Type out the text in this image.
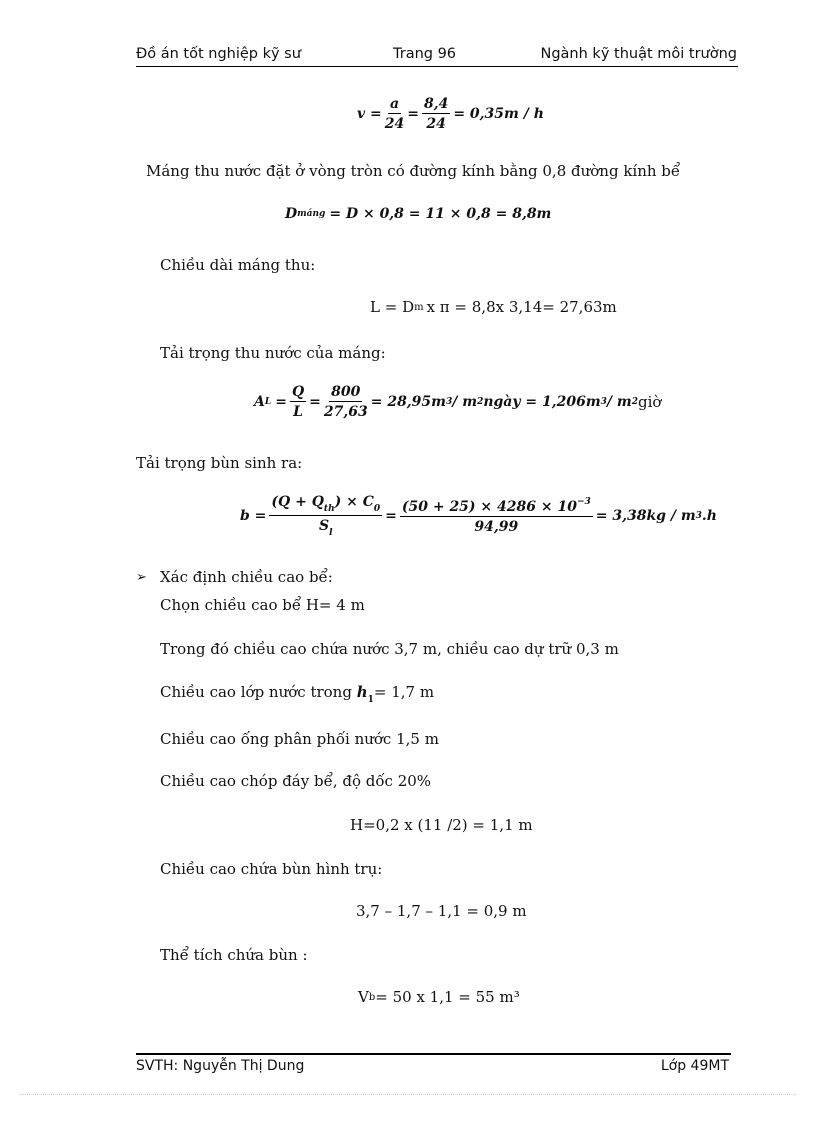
Đồ án tốt nghiệp kỹ sư	Trang 96	Ngành kỹ thuật môi trường
$v = \frac{a}{24} = \frac{8,4}{24} = 0,35m / h$
Máng thu nước đặt ở vòng tròn có đường kính bằng 0,8 đường kính bể
D máng = D × 0,8 = 11 × 0,8 = 8,8m
Chiều dài máng thu:
L = D m x π = 8,8x 3,14= 27,63m
Tải trọng thu nước của máng:
A $L = \frac{Q}{L} = \frac{800}{27,63} = 28,95m$ 3 / m 2 ngày = 1,206m 3 / m 2 giờ
Tải trọng bùn sinh ra:
$b = \frac{(Q + Q_{th}) \times C_0}{S_l} = \frac{(50 + 25) \times 4286 \times 10^{-3}}{94,99} = 3,38kg / m$ 3 .h
➢ Xác định chiều cao bể:
Chọn chiều cao bể H= 4 m
Trong đó chiều cao chứa nước 3,7 m, chiều cao dự trữ 0,3 m
Chiều cao lớp nước trong $h_1= 1,7$ m
Chiều cao ống phân phối nước 1,5 m
Chiều cao chóp đáy bể, độ dốc 20%
H=0,2 x (11 /2) = 1,1 m
Chiều cao chứa bùn hình trụ:
3,7 – 1,7 – 1,1 = 0,9 m
Thể tích chứa bùn :
V b = 50 x 1,1 = 55 m³
SVTH: Nguyễn Thị Dung	Lớp 49MT
